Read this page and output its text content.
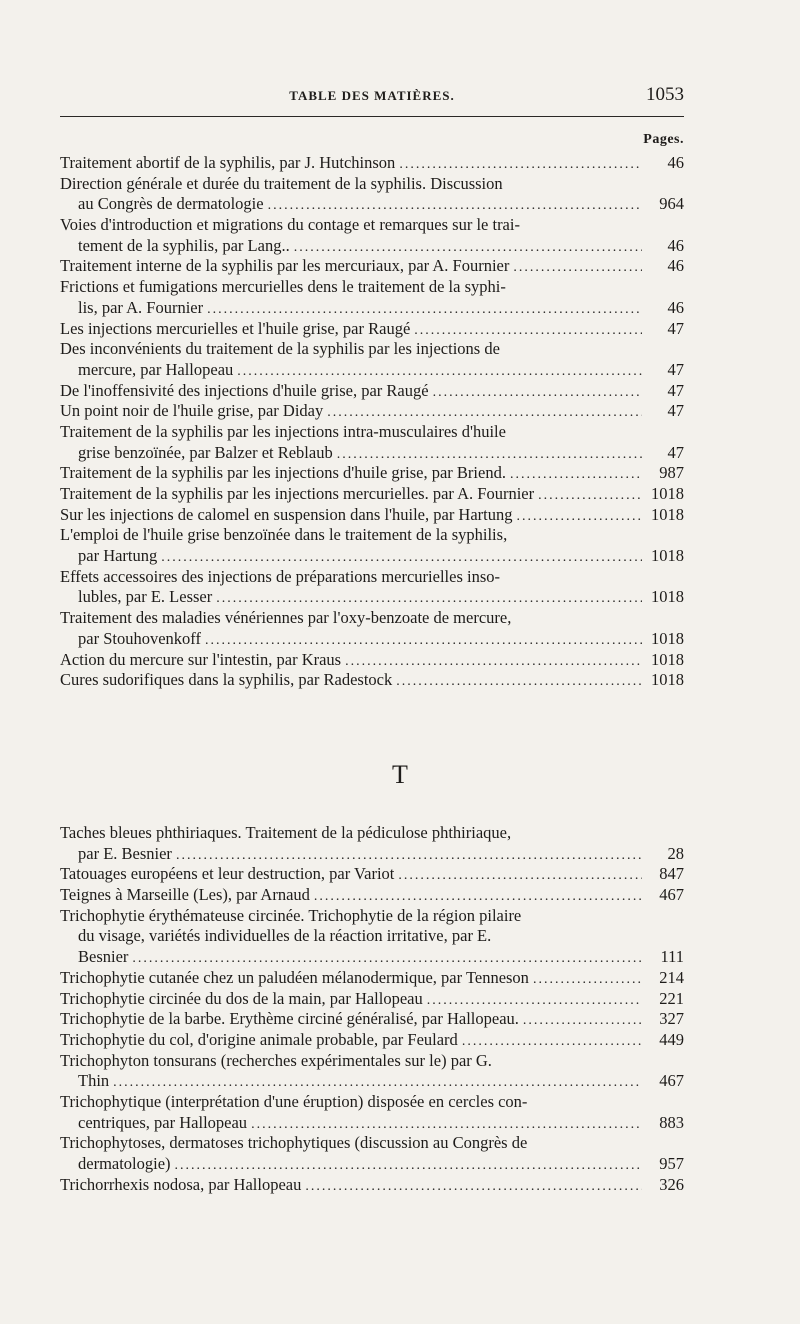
TABLE DES MATIÈRES.	1053
Pages.
Traitement abortif de la syphilis, par J. Hutchinson .....	46
Direction générale et durée du traitement de la syphilis. Discussion
au Congrès de dermatologie .....	964
Voies d'introduction et migrations du contage et remarques sur le trai-
tement de la syphilis, par Lang.. .....	46
Traitement interne de la syphilis par les mercuriaux, par A. Fournier .....	46
Frictions et fumigations mercurielles dens le traitement de la syphi-
lis, par A. Fournier .....	46
Les injections mercurielles et l'huile grise, par Raugé .....	47
Des inconvénients du traitement de la syphilis par les injections de
mercure, par Hallopeau .....	47
De l'inoffensivité des injections d'huile grise, par Raugé .....	47
Un point noir de l'huile grise, par Diday .....	47
Traitement de la syphilis par les injections intra-musculaires d'huile
grise benzoïnée, par Balzer et Reblaub .....	47
Traitement de la syphilis par les injections d'huile grise, par Briend. .....	987
Traitement de la syphilis par les injections mercurielles. par A. Fournier .....	1018
Sur les injections de calomel en suspension dans l'huile, par Hartung .....	1018
L'emploi de l'huile grise benzoïnée dans le traitement de la syphilis,
par Hartung .....	1018
Effets accessoires des injections de préparations mercurielles inso-
lubles, par E. Lesser .....	1018
Traitement des maladies vénériennes par l'oxy-benzoate de mercure,
par Stouhovenkoff .....	1018
Action du mercure sur l'intestin, par Kraus .....	1018
Cures sudorifiques dans la syphilis, par Radestock .....	1018
T
Taches bleues phthiriaques. Traitement de la pédiculose phthiriaque,
par E. Besnier .....	28
Tatouages européens et leur destruction, par Variot .....	847
Teignes à Marseille (Les), par Arnaud .....	467
Trichophytie érythémateuse circinée. Trichophytie de la région pilaire
du visage, variétés individuelles de la réaction irritative, par E.
Besnier .....	111
Trichophytie cutanée chez un paludéen mélanodermique, par Tenneson .....	214
Trichophytie circinée du dos de la main, par Hallopeau .....	221
Trichophytie de la barbe. Erythème circiné généralisé, par Hallopeau. .....	327
Trichophytie du col, d'origine animale probable, par Feulard .....	449
Trichophyton tonsurans (recherches expérimentales sur le) par G.
Thin .....	467
Trichophytique (interprétation d'une éruption) disposée en cercles con-
centriques, par Hallopeau .....	883
Trichophytoses, dermatoses trichophytiques (discussion au Congrès de
dermatologie) .....	957
Trichorrhexis nodosa, par Hallopeau .....	326
